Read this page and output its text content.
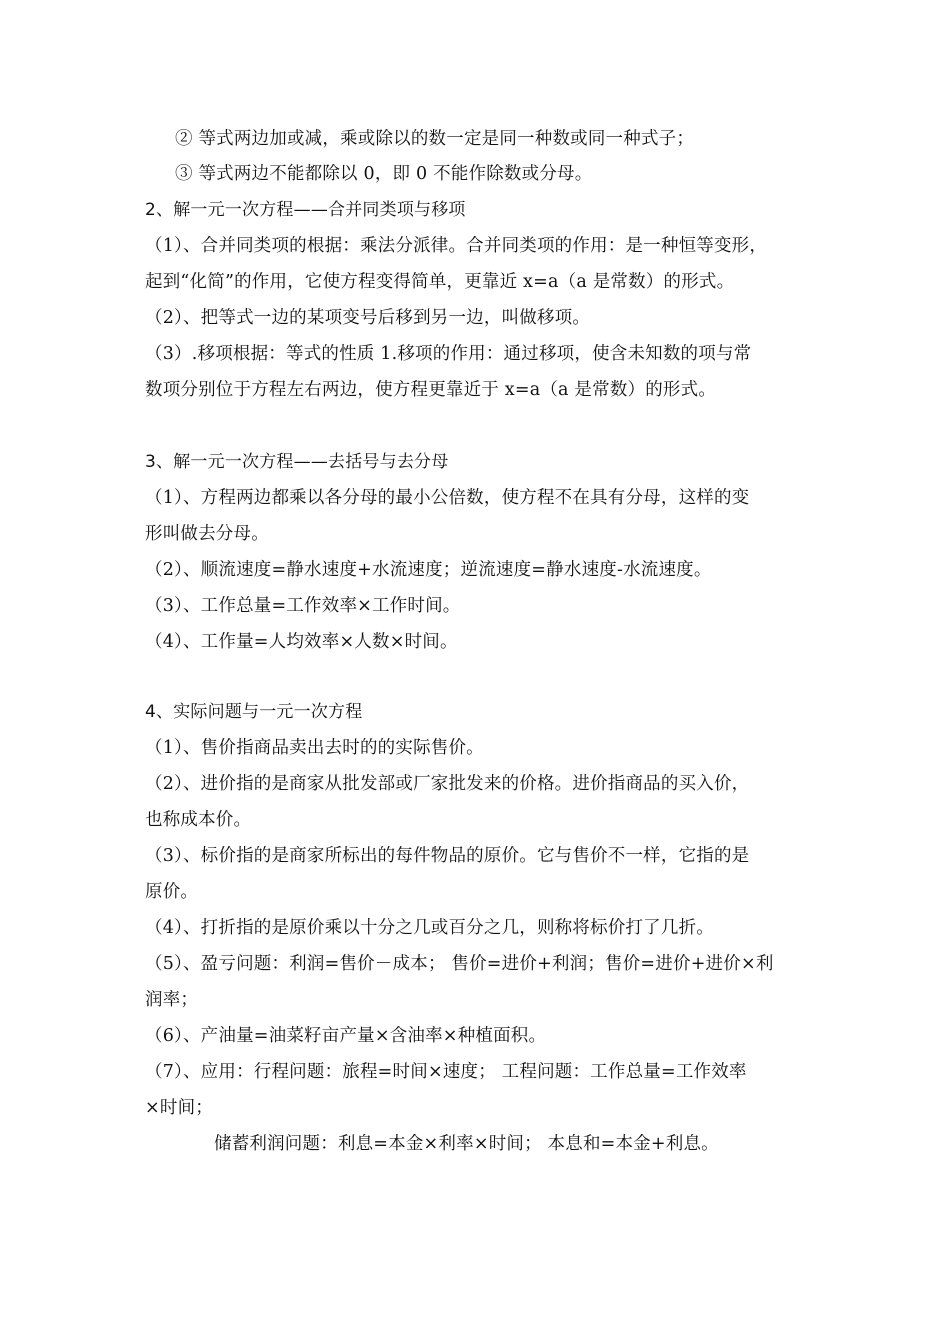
② 等式两边加或减，乘或除以的数一定是同一种数或同一种式子；
③ 等式两边不能都除以 0，即 0 不能作除数或分母。
2、解一元一次方程——合并同类项与移项
（1）、合并同类项的根据：乘法分派律。合并同类项的作用：是一种恒等变形，
起到“化简”的作用，它使方程变得简单，更靠近 x=a（a 是常数）的形式。
（2）、把等式一边的某项变号后移到另一边，叫做移项。
（3）.移项根据：等式的性质 1.移项的作用：通过移项，使含未知数的项与常
数项分别位于方程左右两边，使方程更靠近于 x=a（a 是常数）的形式。
3、解一元一次方程——去括号与去分母
（1）、方程两边都乘以各分母的最小公倍数，使方程不在具有分母，这样的变
形叫做去分母。
（2）、顺流速度=静水速度+水流速度；逆流速度=静水速度-水流速度。
（3）、工作总量=工作效率×工作时间。
（4）、工作量=人均效率×人数×时间。
4、实际问题与一元一次方程
（1）、售价指商品卖出去时的的实际售价。
（2）、进价指的是商家从批发部或厂家批发来的价格。进价指商品的买入价，
也称成本价。
（3）、标价指的是商家所标出的每件物品的原价。它与售价不一样，它指的是
原价。
（4）、打折指的是原价乘以十分之几或百分之几，则称将标价打了几折。
（5）、盈亏问题：利润=售价－成本； 售价=进价+利润；售价=进价+进价×利
润率；
（6）、产油量=油菜籽亩产量×含油率×种植面积。
（7）、应用：行程问题：旅程=时间×速度； 工程问题：工作总量=工作效率
×时间；
储蓄利润问题：利息=本金×利率×时间； 本息和=本金+利息。
